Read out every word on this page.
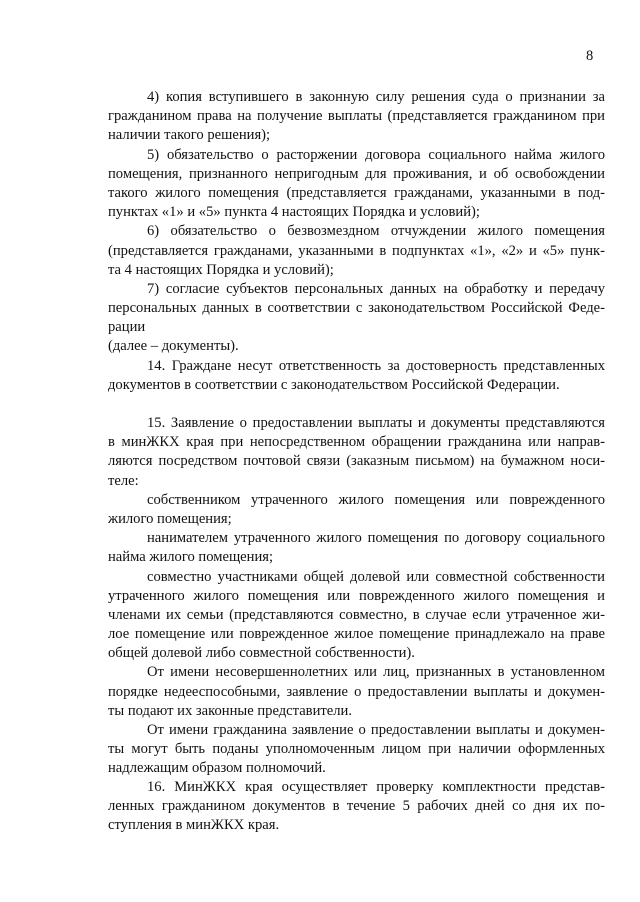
8
4) копия вступившего в законную силу решения суда о признании за
гражданином права на получение выплаты (представляется гражданином при
наличии такого решения);
5) обязательство о расторжении договора социального найма жилого
помещения, признанного непригодным для проживания, и об освобождении
такого жилого помещения (представляется гражданами, указанными в под-
пунктах «1» и «5» пункта 4 настоящих Порядка и условий);
6) обязательство о безвозмездном отчуждении жилого помещения
(представляется гражданами, указанными в подпунктах «1», «2» и «5» пунк-
та 4 настоящих Порядка и условий);
7) согласие субъектов персональных данных на обработку и передачу
персональных данных в соответствии с законодательством Российской Феде-
рации
(далее – документы).
14. Граждане несут ответственность за достоверность представленных
документов в соответствии с законодательством Российской Федерации.
15. Заявление о предоставлении выплаты и документы представляются
в минЖКХ края при непосредственном обращении гражданина или направ-
ляются посредством почтовой связи (заказным письмом) на бумажном носи-
теле:
собственником утраченного жилого помещения или поврежденного
жилого помещения;
нанимателем утраченного жилого помещения по договору социального
найма жилого помещения;
совместно участниками общей долевой или совместной собственности
утраченного жилого помещения или поврежденного жилого помещения и
членами их семьи (представляются совместно, в случае если утраченное жи-
лое помещение или поврежденное жилое помещение принадлежало на праве
общей долевой либо совместной собственности).
От имени несовершеннолетних или лиц, признанных в установленном
порядке недееспособными, заявление о предоставлении выплаты и докумен-
ты подают их законные представители.
От имени гражданина заявление о предоставлении выплаты и докумен-
ты могут быть поданы уполномоченным лицом при наличии оформленных
надлежащим образом полномочий.
16. МинЖКХ края осуществляет проверку комплектности представ-
ленных гражданином документов в течение 5 рабочих дней со дня их по-
ступления в минЖКХ края.
